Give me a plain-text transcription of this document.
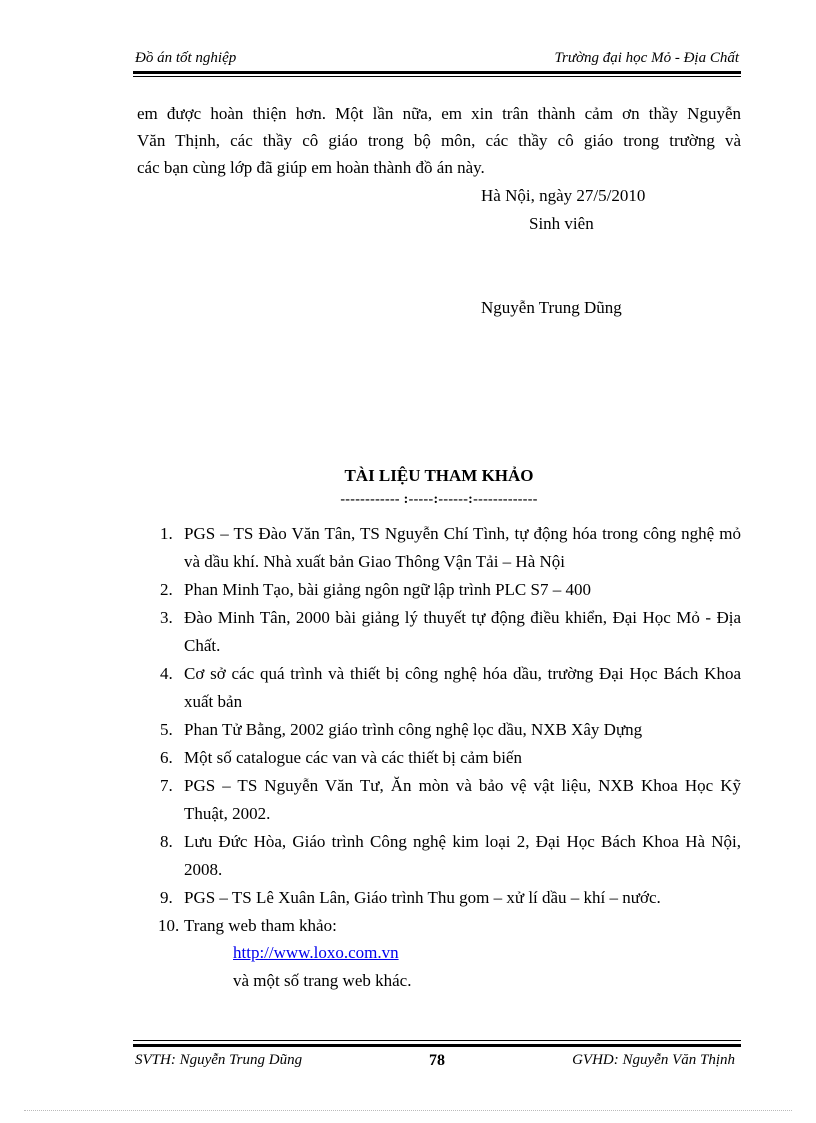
Đồ án tốt nghiệp	Trường đại học Mỏ - Địa Chất

em được hoàn thiện hơn. Một lần nữa, em xin trân thành cảm ơn thầy Nguyễn

Văn Thịnh, các thầy cô giáo trong bộ môn, các thầy cô giáo trong trường và

các bạn cùng lớp đã giúp em hoàn thành đồ án này.

Hà Nội, ngày 27/5/2010
Sinh viên
Nguyễn Trung Dũng
TÀI LIỆU THAM KHẢO
------------ :-----:------:-------------
1. PGS – TS Đào Văn Tân, TS Nguyễn Chí Tình, tự động hóa trong công nghệ mỏ và dầu khí. Nhà xuất bản Giao Thông Vận Tải – Hà Nội
2. Phan Minh Tạo, bài giảng ngôn ngữ lập trình PLC S7 – 400
3. Đào Minh Tân, 2000 bài giảng lý thuyết tự động điều khiển, Đại Học Mỏ - Địa Chất.
4. Cơ sở các quá trình và thiết bị công nghệ hóa dầu, trường Đại Học Bách Khoa xuất bản
5. Phan Tử Bằng, 2002 giáo trình công nghệ lọc dầu, NXB Xây Dựng
6. Một số catalogue các van và các thiết bị cảm biến
7. PGS – TS Nguyễn Văn Tư, Ăn mòn và bảo vệ vật liệu, NXB Khoa Học Kỹ Thuật, 2002.
8. Lưu Đức Hòa, Giáo trình Công nghệ kim loại 2, Đại Học Bách Khoa Hà Nội, 2008.
9. PGS – TS Lê Xuân Lân, Giáo trình Thu gom – xử lí dầu – khí – nước.
10. Trang web tham khảo:
http://www.loxo.com.vn
và một số trang web khác.
SVTH: Nguyễn Trung Dũng	78	GVHD: Nguyễn Văn Thịnh
